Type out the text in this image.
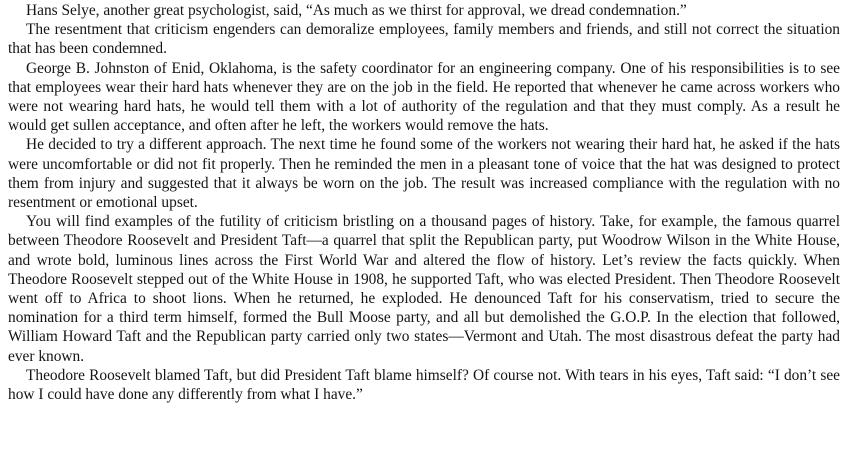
Hans Selye, another great psychologist, said, “As much as we thirst for approval, we dread condemnation.”

The resentment that criticism engenders can demoralize employees, family members and friends, and still not correct the situation that has been condemned.

George B. Johnston of Enid, Oklahoma, is the safety coordinator for an engineering company. One of his responsibilities is to see that employees wear their hard hats whenever they are on the job in the field. He reported that whenever he came across workers who were not wearing hard hats, he would tell them with a lot of authority of the regulation and that they must comply. As a result he would get sullen acceptance, and often after he left, the workers would remove the hats.

He decided to try a different approach. The next time he found some of the workers not wearing their hard hat, he asked if the hats were uncomfortable or did not fit properly. Then he reminded the men in a pleasant tone of voice that the hat was designed to protect them from injury and suggested that it always be worn on the job. The result was increased compliance with the regulation with no resentment or emotional upset.

You will find examples of the futility of criticism bristling on a thousand pages of history. Take, for example, the famous quarrel between Theodore Roosevelt and President Taft—a quarrel that split the Republican party, put Woodrow Wilson in the White House, and wrote bold, luminous lines across the First World War and altered the flow of history. Let’s review the facts quickly. When Theodore Roosevelt stepped out of the White House in 1908, he supported Taft, who was elected President. Then Theodore Roosevelt went off to Africa to shoot lions. When he returned, he exploded. He denounced Taft for his conservatism, tried to secure the nomination for a third term himself, formed the Bull Moose party, and all but demolished the G.O.P. In the election that followed, William Howard Taft and the Republican party carried only two states—Vermont and Utah. The most disastrous defeat the party had ever known.

Theodore Roosevelt blamed Taft, but did President Taft blame himself? Of course not. With tears in his eyes, Taft said: “I don’t see how I could have done any differently from what I have.”
